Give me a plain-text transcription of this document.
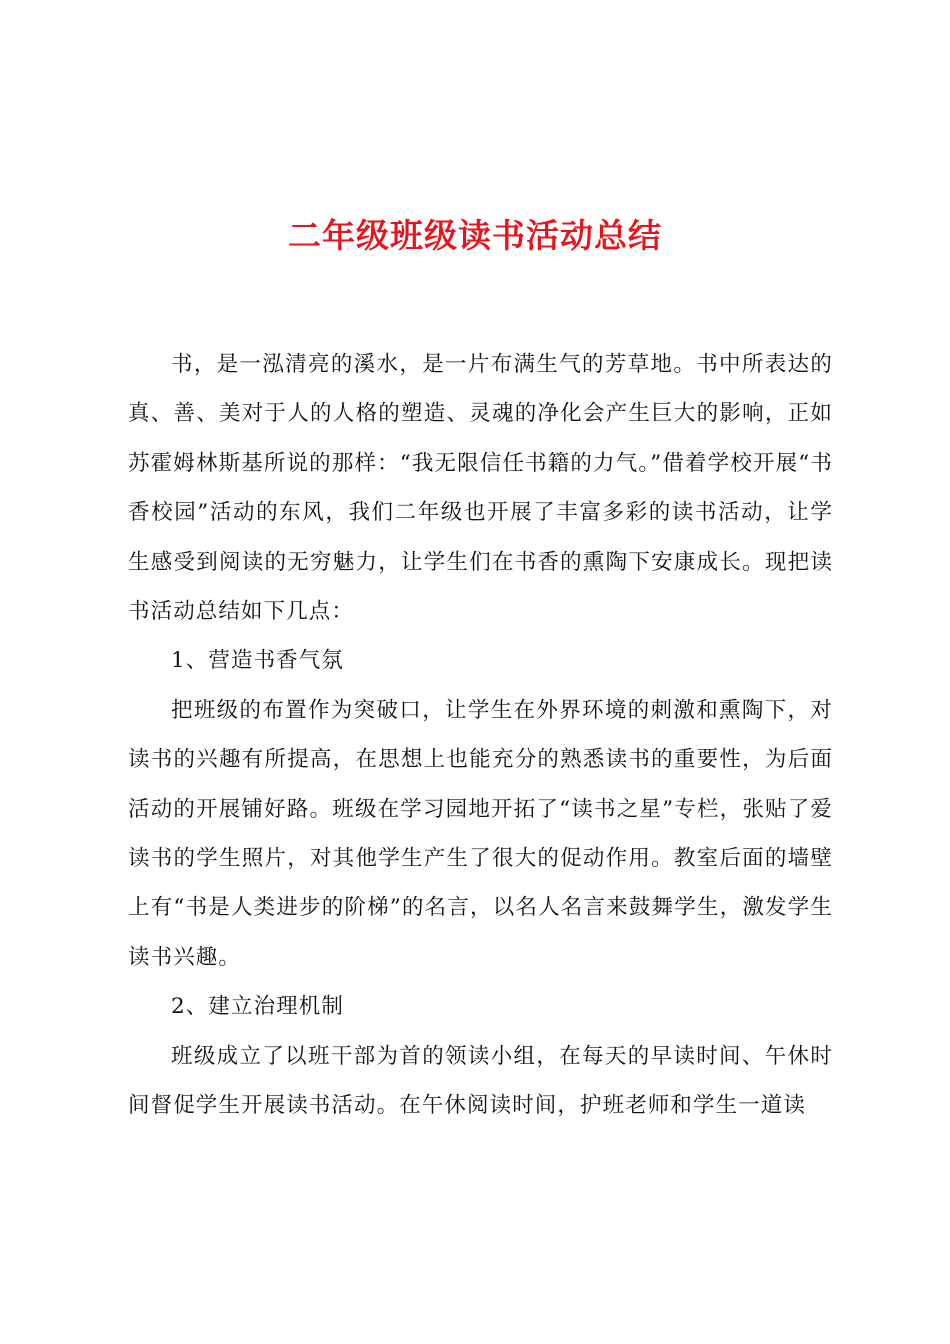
二年级班级读书活动总结

书，是一泓清亮的溪水，是一片布满生气的芳草地。书中所表达的真、善、美对于人的人格的塑造、灵魂的净化会产生巨大的影响，正如苏霍姆林斯基所说的那样：“我无限信任书籍的力气。”借着学校开展“书香校园”活动的东风，我们二年级也开展了丰富多彩的读书活动，让学生感受到阅读的无穷魅力，让学生们在书香的熏陶下安康成长。现把读书活动总结如下几点：

1、营造书香气氛

把班级的布置作为突破口，让学生在外界环境的刺激和熏陶下，对读书的兴趣有所提高，在思想上也能充分的熟悉读书的重要性，为后面活动的开展铺好路。班级在学习园地开拓了“读书之星”专栏，张贴了爱读书的学生照片，对其他学生产生了很大的促动作用。教室后面的墙壁上有“书是人类进步的阶梯”的名言，以名人名言来鼓舞学生，激发学生读书兴趣。

2、建立治理机制

班级成立了以班干部为首的领读小组，在每天的早读时间、午休时间督促学生开展读书活动。在午休阅读时间，护班老师和学生一道读
